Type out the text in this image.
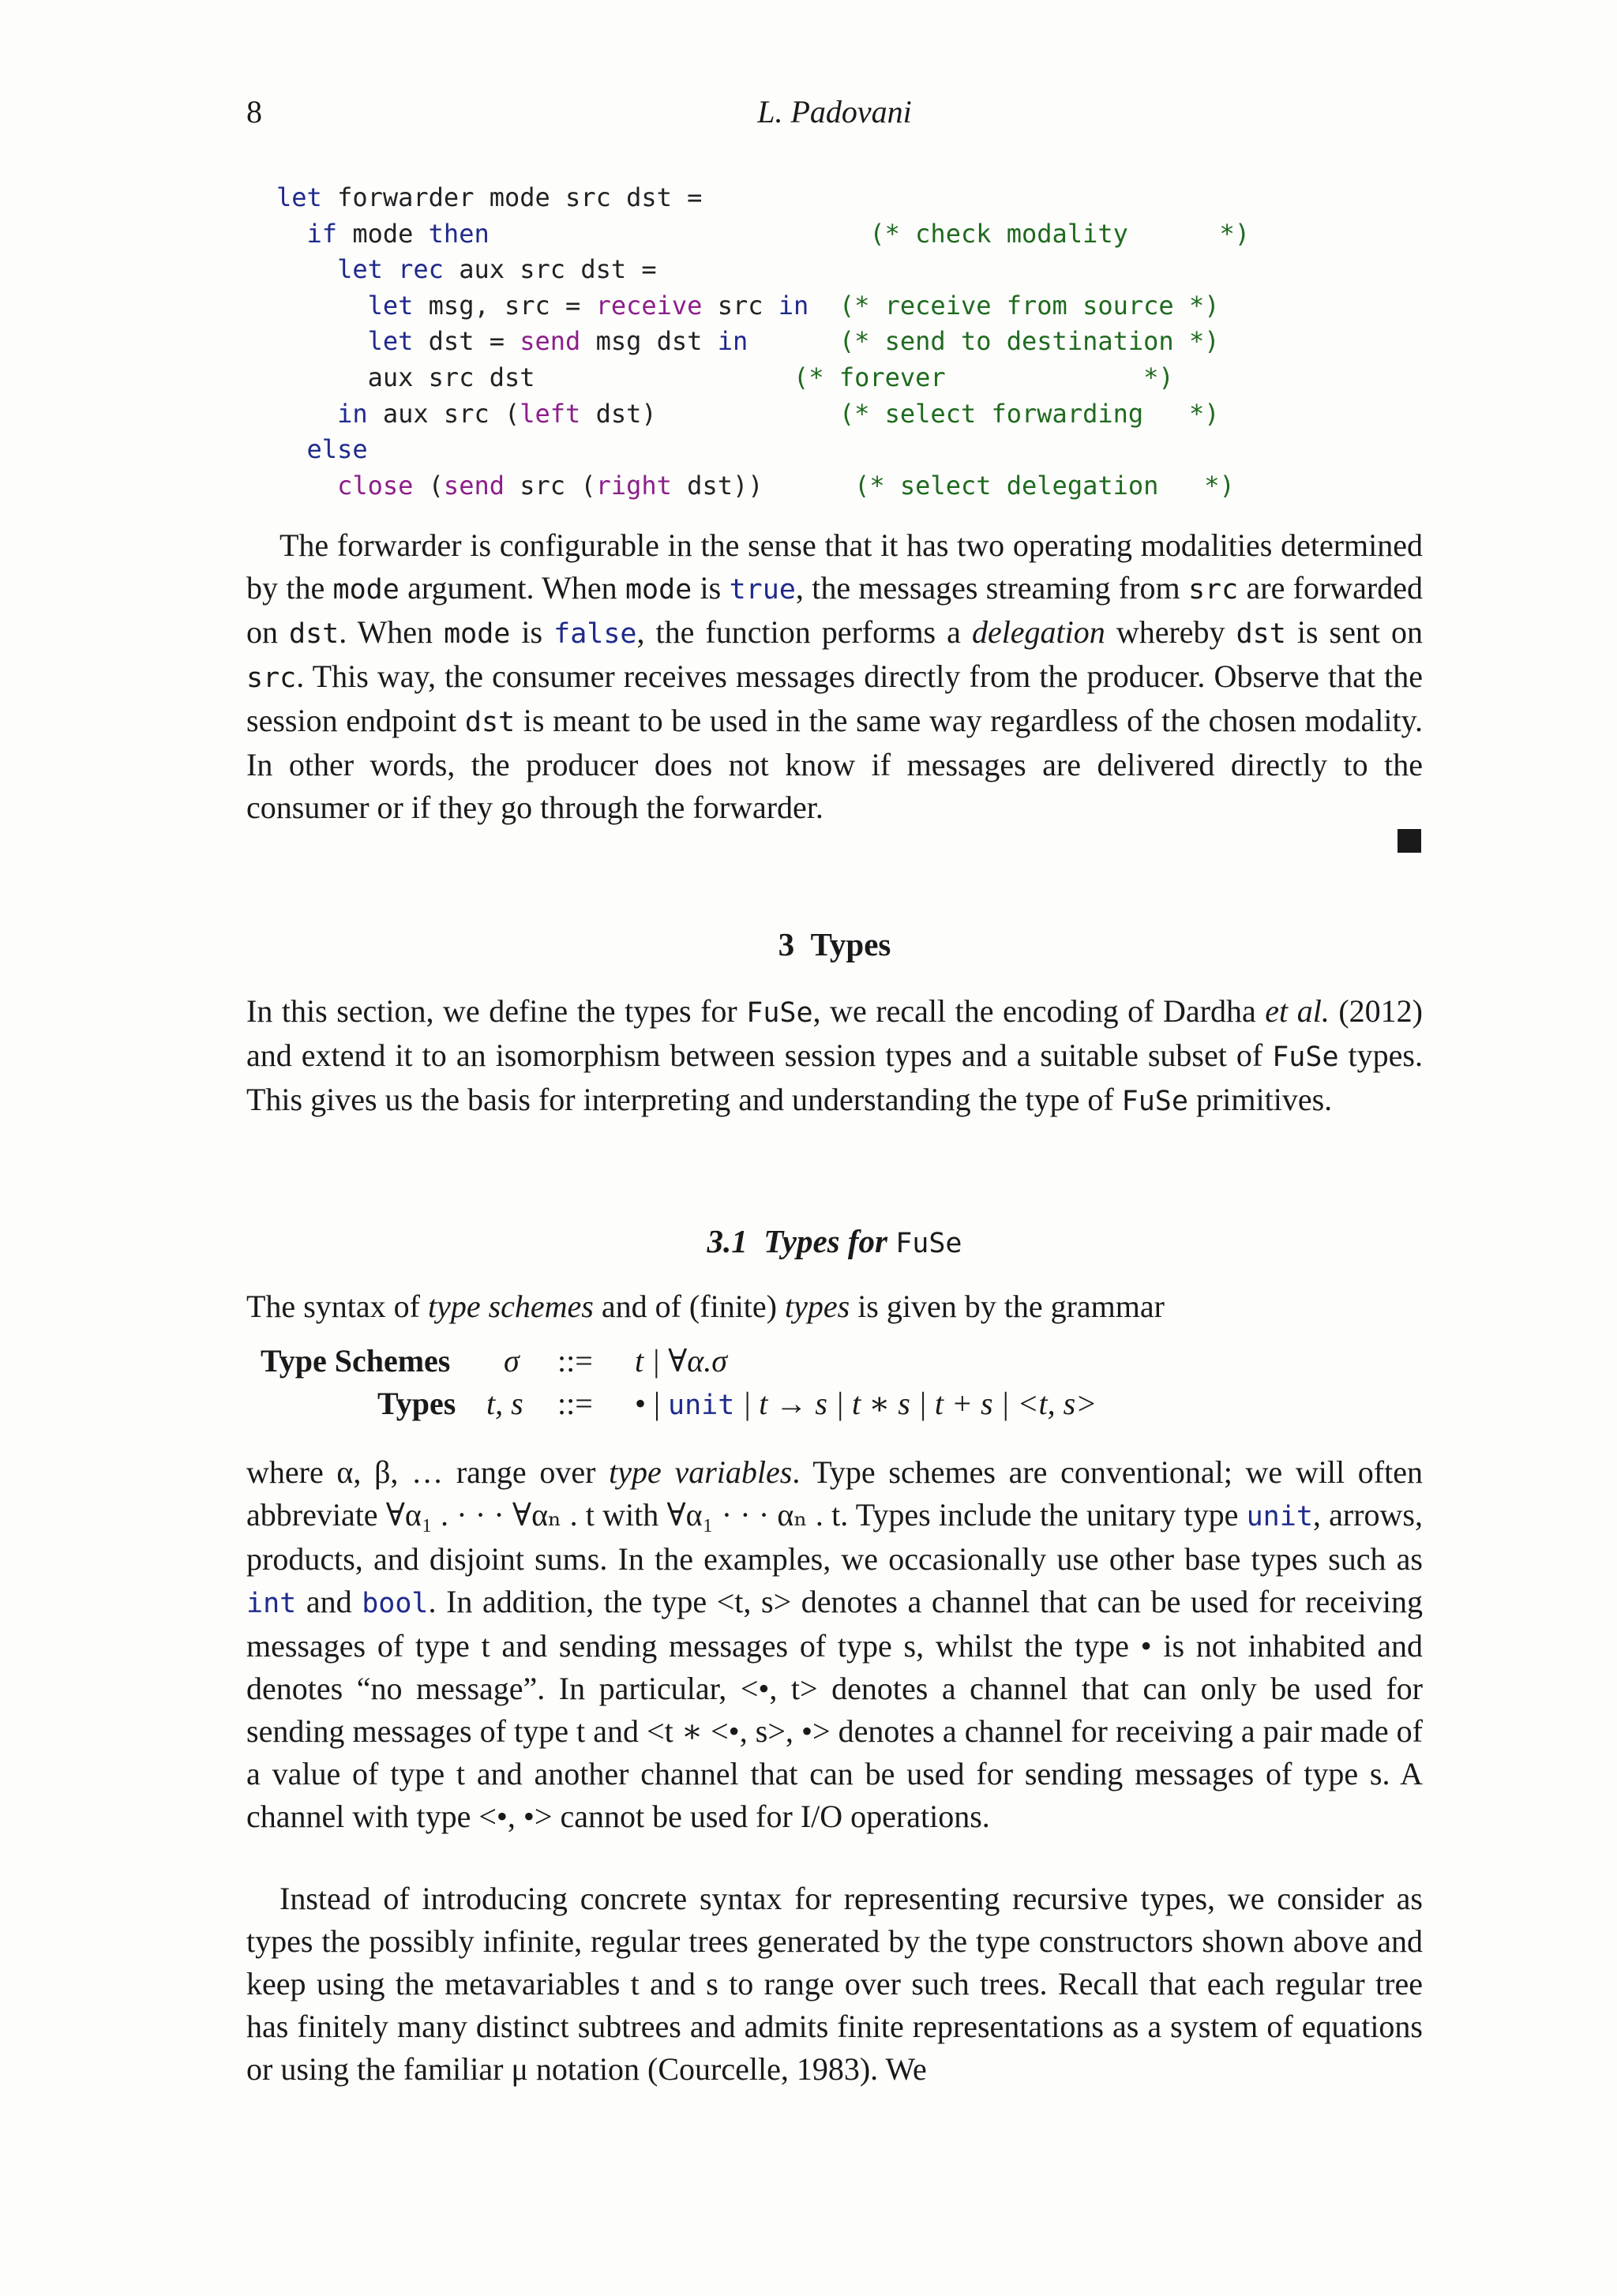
8	L. Padovani
let forwarder mode src dst =
if mode then	(* check modality      *)
let rec aux src dst =
let msg, src = receive src in (* receive from source *)
let dst = send msg dst in	(* send to destination *)
aux src dst	(* forever             *)
in aux src (left dst)	(* select forwarding   *)
else
close (send src (right dst))	(* select delegation   *)

The forwarder is configurable in the sense that it has two operating modalities determined by the mode argument. When mode is true, the messages streaming from src are forwarded on dst. When mode is false, the function performs a delegation whereby dst is sent on src. This way, the consumer receives messages directly from the producer. Observe that the session endpoint dst is meant to be used in the same way regardless of the chosen modality. In other words, the producer does not know if messages are delivered directly to the consumer or if they go through the forwarder.

3 Types

In this section, we define the types for FuSe, we recall the encoding of Dardha et al. (2012) and extend it to an isomorphism between session types and a suitable subset of FuSe types. This gives us the basis for interpreting and understanding the type of FuSe primitives.

3.1 Types for FuSe

The syntax of type schemes and of (finite) types is given by the grammar

Type Schemes σ ::= t | ∀α.σ
Types t, s ::= • | unit | t → s | t ∗ s | t + s | <t, s>

where α, β, … range over type variables. Type schemes are conventional; we will often abbreviate ∀α₁ . · · · ∀αₙ . t with ∀α₁ · · · αₙ . t. Types include the unitary type unit, arrows, products, and disjoint sums. In the examples, we occasionally use other base types such as int and bool. In addition, the type <t, s> denotes a channel that can be used for receiving messages of type t and sending messages of type s, whilst the type • is not inhabited and denotes “no message”. In particular, <•, t> denotes a channel that can only be used for sending messages of type t and <t ∗ <•, s>, •> denotes a channel for receiving a pair made of a value of type t and another channel that can be used for sending messages of type s. A channel with type <•, •> cannot be used for I/O operations.

Instead of introducing concrete syntax for representing recursive types, we consider as types the possibly infinite, regular trees generated by the type constructors shown above and keep using the metavariables t and s to range over such trees. Recall that each regular tree has finitely many distinct subtrees and admits finite representations as a system of equations or using the familiar μ notation (Courcelle, 1983). We
